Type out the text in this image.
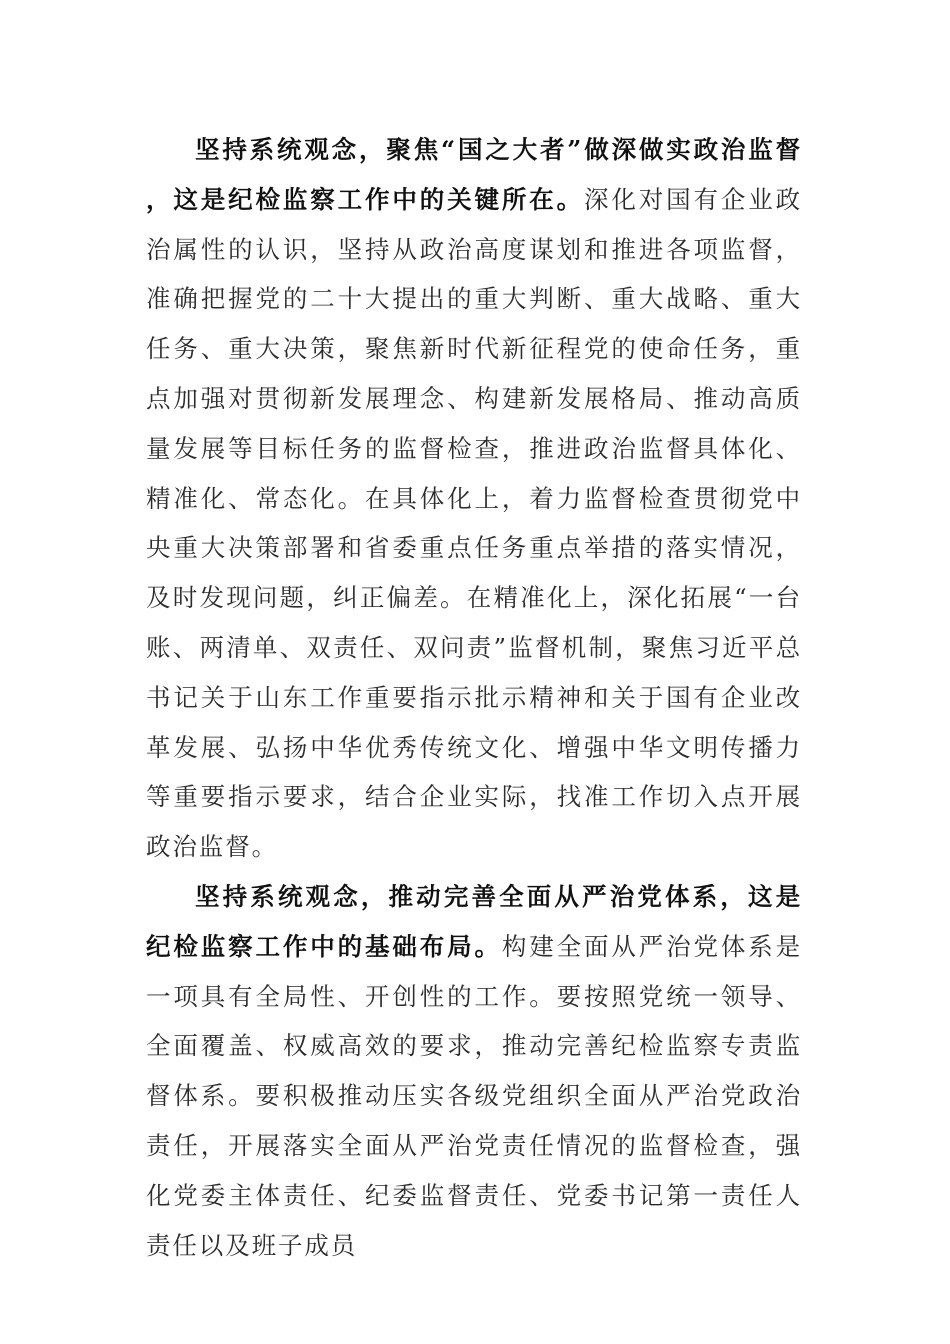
坚持系统观念，聚焦“国之大者”做深做实政治监督，这是纪检监察工作中的关键所在。深化对国有企业政治属性的认识，坚持从政治高度谋划和推进各项监督，准确把握党的二十大提出的重大判断、重大战略、重大任务、重大决策，聚焦新时代新征程党的使命任务，重点加强对贯彻新发展理念、构建新发展格局、推动高质量发展等目标任务的监督检查，推进政治监督具体化、精准化、常态化。在具体化上，着力监督检查贯彻党中央重大决策部署和省委重点任务重点举措的落实情况，及时发现问题，纠正偏差。在精准化上，深化拓展“一台账、两清单、双责任、双问责”监督机制，聚焦习近平总书记关于山东工作重要指示批示精神和关于国有企业改革发展、弘扬中华优秀传统文化、增强中华文明传播力等重要指示要求，结合企业实际，找准工作切入点开展政治监督。

坚持系统观念，推动完善全面从严治党体系，这是纪检监察工作中的基础布局。构建全面从严治党体系是一项具有全局性、开创性的工作。要按照党统一领导、全面覆盖、权威高效的要求，推动完善纪检监察专责监督体系。要积极推动压实各级党组织全面从严治党政治责任，开展落实全面从严治党责任情况的监督检查，强化党委主体责任、纪委监督责任、党委书记第一责任人责任以及班子成员
